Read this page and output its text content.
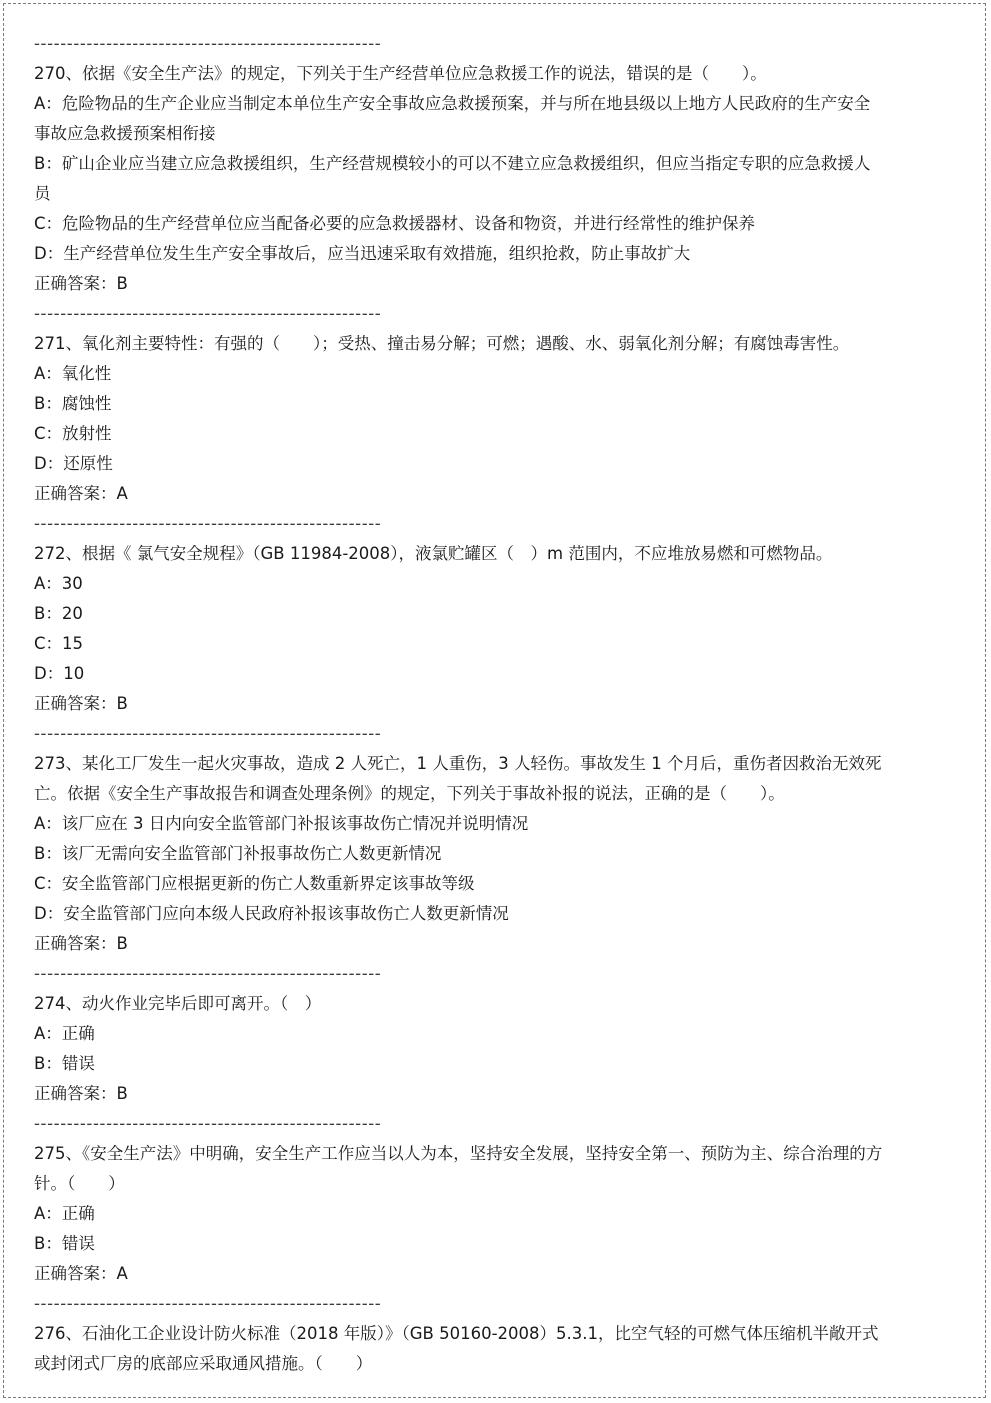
-----------------------------------------------------
270、依据《安全生产法》的规定，下列关于生产经营单位应急救援工作的说法，错误的是（　　）。
A：危险物品的生产企业应当制定本单位生产安全事故应急救援预案，并与所在地县级以上地方人民政府的生产安全事故应急救援预案相衔接
B：矿山企业应当建立应急救援组织，生产经营规模较小的可以不建立应急救援组织，但应当指定专职的应急救援人员
C：危险物品的生产经营单位应当配备必要的应急救援器材、设备和物资，并进行经常性的维护保养
D：生产经营单位发生生产安全事故后，应当迅速采取有效措施，组织抢救，防止事故扩大
正确答案：B
-----------------------------------------------------
271、氧化剂主要特性：有强的（　　）；受热、撞击易分解；可燃；遇酸、水、弱氧化剂分解；有腐蚀毒害性。
A：氧化性
B：腐蚀性
C：放射性
D：还原性
正确答案：A
-----------------------------------------------------
272、根据《 氯气安全规程》（GB 11984-2008），液氯贮罐区（　）m 范围内，不应堆放易燃和可燃物品。
A：30
B：20
C：15
D：10
正确答案：B
-----------------------------------------------------
273、某化工厂发生一起火灾事故，造成 2 人死亡，1 人重伤，3 人轻伤。事故发生 1 个月后，重伤者因救治无效死亡。依据《安全生产事故报告和调查处理条例》的规定，下列关于事故补报的说法，正确的是（　　）。
A：该厂应在 3 日内向安全监管部门补报该事故伤亡情况并说明情况
B：该厂无需向安全监管部门补报事故伤亡人数更新情况
C：安全监管部门应根据更新的伤亡人数重新界定该事故等级
D：安全监管部门应向本级人民政府补报该事故伤亡人数更新情况
正确答案：B
-----------------------------------------------------
274、动火作业完毕后即可离开。（　）
A：正确
B：错误
正确答案：B
-----------------------------------------------------
275、《安全生产法》中明确，安全生产工作应当以人为本，坚持安全发展，坚持安全第一、预防为主、综合治理的方针。（　　）
A：正确
B：错误
正确答案：A
-----------------------------------------------------
276、石油化工企业设计防火标准（2018 年版）》（GB 50160-2008）5.3.1，比空气轻的可燃气体压缩机半敞开式或封闭式厂房的底部应采取通风措施。（　　）
